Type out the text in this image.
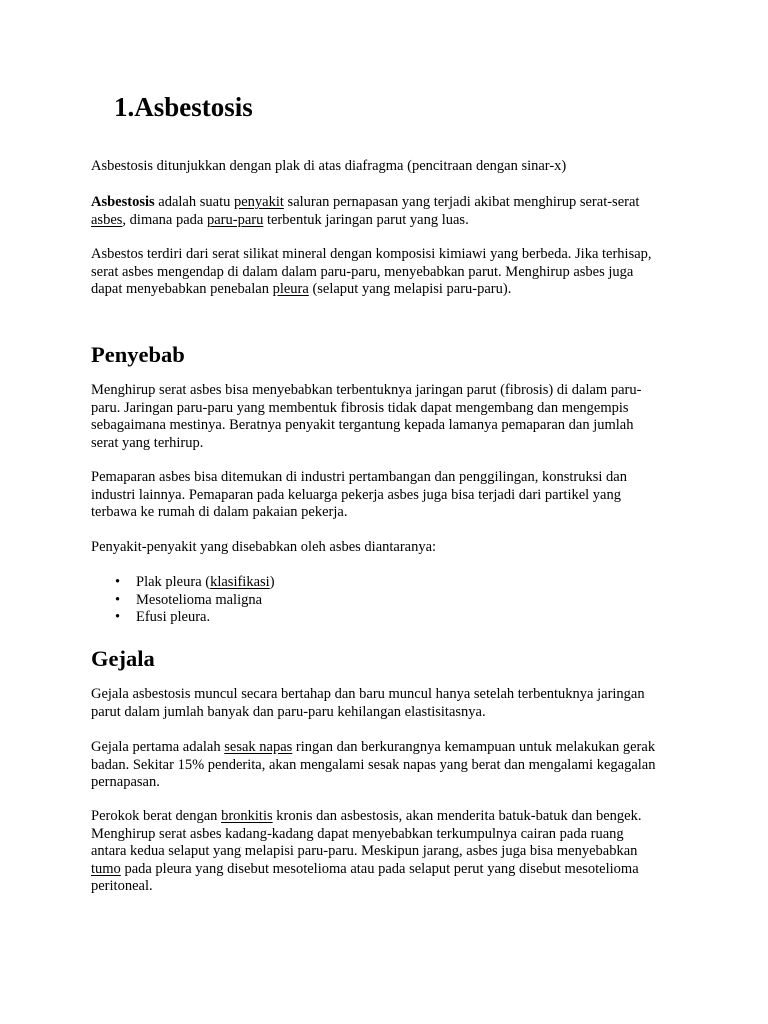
1.Asbestosis

Asbestosis ditunjukkan dengan plak di atas diafragma (pencitraan dengan sinar-x)

Asbestosis adalah suatu penyakit saluran pernapasan yang terjadi akibat menghirup serat-serat
asbes, dimana pada paru-paru terbentuk jaringan parut yang luas.

Asbestos terdiri dari serat silikat mineral dengan komposisi kimiawi yang berbeda. Jika terhisap,
serat asbes mengendap di dalam dalam paru-paru, menyebabkan parut. Menghirup asbes juga
dapat menyebabkan penebalan pleura (selaput yang melapisi paru-paru).

Penyebab

Menghirup serat asbes bisa menyebabkan terbentuknya jaringan parut (fibrosis) di dalam paru-
paru. Jaringan paru-paru yang membentuk fibrosis tidak dapat mengembang dan mengempis
sebagaimana mestinya. Beratnya penyakit tergantung kepada lamanya pemaparan dan jumlah
serat yang terhirup.

Pemaparan asbes bisa ditemukan di industri pertambangan dan penggilingan, konstruksi dan
industri lainnya. Pemaparan pada keluarga pekerja asbes juga bisa terjadi dari partikel yang
terbawa ke rumah di dalam pakaian pekerja.

Penyakit-penyakit yang disebabkan oleh asbes diantaranya:

• Plak pleura (klasifikasi)
• Mesotelioma maligna
• Efusi pleura.
Gejala

Gejala asbestosis muncul secara bertahap dan baru muncul hanya setelah terbentuknya jaringan
parut dalam jumlah banyak dan paru-paru kehilangan elastisitasnya.

Gejala pertama adalah sesak napas ringan dan berkurangnya kemampuan untuk melakukan gerak
badan. Sekitar 15% penderita, akan mengalami sesak napas yang berat dan mengalami kegagalan
pernapasan.

Perokok berat dengan bronkitis kronis dan asbestosis, akan menderita batuk-batuk dan bengek.
Menghirup serat asbes kadang-kadang dapat menyebabkan terkumpulnya cairan pada ruang
antara kedua selaput yang melapisi paru-paru. Meskipun jarang, asbes juga bisa menyebabkan
tumo pada pleura yang disebut mesotelioma atau pada selaput perut yang disebut mesotelioma
peritoneal.
